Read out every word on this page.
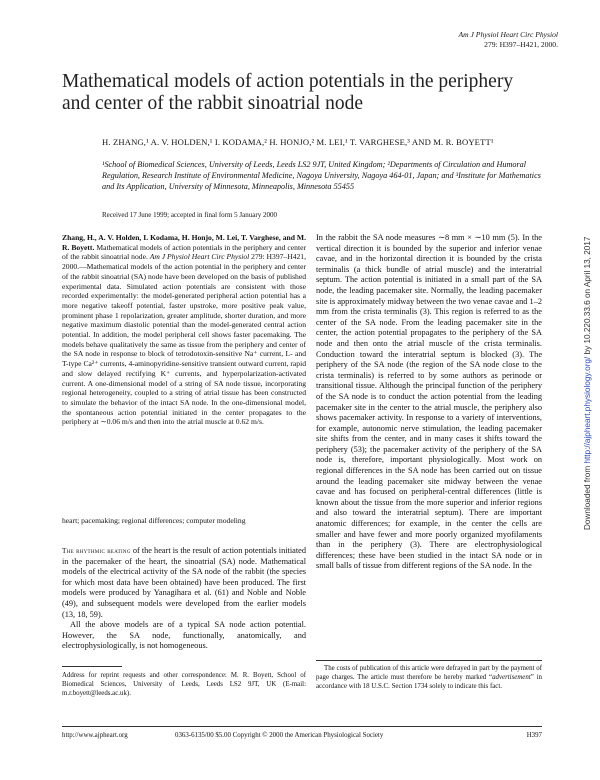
Am J Physiol Heart Circ Physiol
279: H397–H421, 2000.
Mathematical models of action potentials in the periphery and center of the rabbit sinoatrial node
H. ZHANG,¹ A. V. HOLDEN,¹ I. KODAMA,² H. HONJO,² M. LEI,¹ T. VARGHESE,³ AND M. R. BOYETT¹
¹School of Biomedical Sciences, University of Leeds, Leeds LS2 9JT, United Kingdom; ²Departments of Circulation and Humoral Regulation, Research Institute of Environmental Medicine, Nagoya University, Nagoya 464-01, Japan; and ³Institute for Mathematics and Its Application, University of Minnesota, Minneapolis, Minnesota 55455
Received 17 June 1999; accepted in final form 5 January 2000
Zhang, H., A. V. Holden, I. Kodama, H. Honjo, M. Lei, T. Varghese, and M. R. Boyett. Mathematical models of action potentials in the periphery and center of the rabbit sinoatrial node. Am J Physiol Heart Circ Physiol 279: H397–H421, 2000.—Mathematical models of the action potential in the periphery and center of the rabbit sinoatrial (SA) node have been developed on the basis of published experimental data. Simulated action potentials are consistent with those recorded experimentally: the model-generated peripheral action potential has a more negative takeoff potential, faster upstroke, more positive peak value, prominent phase 1 repolarization, greater amplitude, shorter duration, and more negative maximum diastolic potential than the model-generated central action potential. In addition, the model peripheral cell shows faster pacemaking. The models behave qualitatively the same as tissue from the periphery and center of the SA node in response to block of tetrodotoxin-sensitive Na⁺ current, L- and T-type Ca²⁺ currents, 4-aminopyridine-sensitive transient outward current, rapid and slow delayed rectifying K⁺ currents, and hyperpolarization-activated current. A one-dimensional model of a string of SA node tissue, incorporating regional heterogeneity, coupled to a string of atrial tissue has been constructed to simulate the behavior of the intact SA node. In the one-dimensional model, the spontaneous action potential initiated in the center propagates to the periphery at ∼0.06 m/s and then into the atrial muscle at 0.62 m/s.
heart; pacemaking; regional differences; computer modeling

The rhythmic beating of the heart is the result of action potentials initiated in the pacemaker of the heart, the sinoatrial (SA) node. Mathematical models of the electrical activity of the SA node of the rabbit (the species for which most data have been obtained) have been produced. The first models were produced by Yanagihara et al. (61) and Noble and Noble (49), and subsequent models were developed from the earlier models (13, 18, 59).

All the above models are of a typical SA node action potential. However, the SA node, functionally, anatomically, and electrophysiologically, is not homogeneous.

In the rabbit the SA node measures ∼8 mm × ∼10 mm (5). In the vertical direction it is bounded by the superior and inferior venae cavae, and in the horizontal direction it is bounded by the crista terminalis (a thick bundle of atrial muscle) and the interatrial septum. The action potential is initiated in a small part of the SA node, the leading pacemaker site. Normally, the leading pacemaker site is approximately midway between the two venae cavae and 1–2 mm from the crista terminalis (3). This region is referred to as the center of the SA node. From the leading pacemaker site in the center, the action potential propagates to the periphery of the SA node and then onto the atrial muscle of the crista terminalis. Conduction toward the interatrial septum is blocked (3). The periphery of the SA node (the region of the SA node close to the crista terminalis) is referred to by some authors as perinode or transitional tissue. Although the principal function of the periphery of the SA node is to conduct the action potential from the leading pacemaker site in the center to the atrial muscle, the periphery also shows pacemaker activity. In response to a variety of interventions, for example, autonomic nerve stimulation, the leading pacemaker site shifts from the center, and in many cases it shifts toward the periphery (53); the pacemaker activity of the periphery of the SA node is, therefore, important physiologically. Most work on regional differences in the SA node has been carried out on tissue around the leading pacemaker site midway between the venae cavae and has focused on peripheral-central differences (little is known about the tissue from the more superior and inferior regions and also toward the interatrial septum). There are important anatomic differences; for example, in the center the cells are smaller and have fewer and more poorly organized myofilaments than in the periphery (3). There are electrophysiological differences; these have been studied in the intact SA node or in small balls of tissue from different regions of the SA node. In the
Address for reprint requests and other correspondence: M. R. Boyett, School of Biomedical Sciences, University of Leeds, Leeds LS2 9JT, UK (E-mail: m.r.boyett@leeds.ac.uk).
The costs of publication of this article were defrayed in part by the payment of page charges. The article must therefore be hereby marked “advertisement” in accordance with 18 U.S.C. Section 1734 solely to indicate this fact.
http://www.ajpheart.org	0363-6135/00 $5.00 Copyright © 2000 the American Physiological Society	H397
Downloaded from http://ajpheart.physiology.org/ by 10.220.33.6 on April 13, 2017
